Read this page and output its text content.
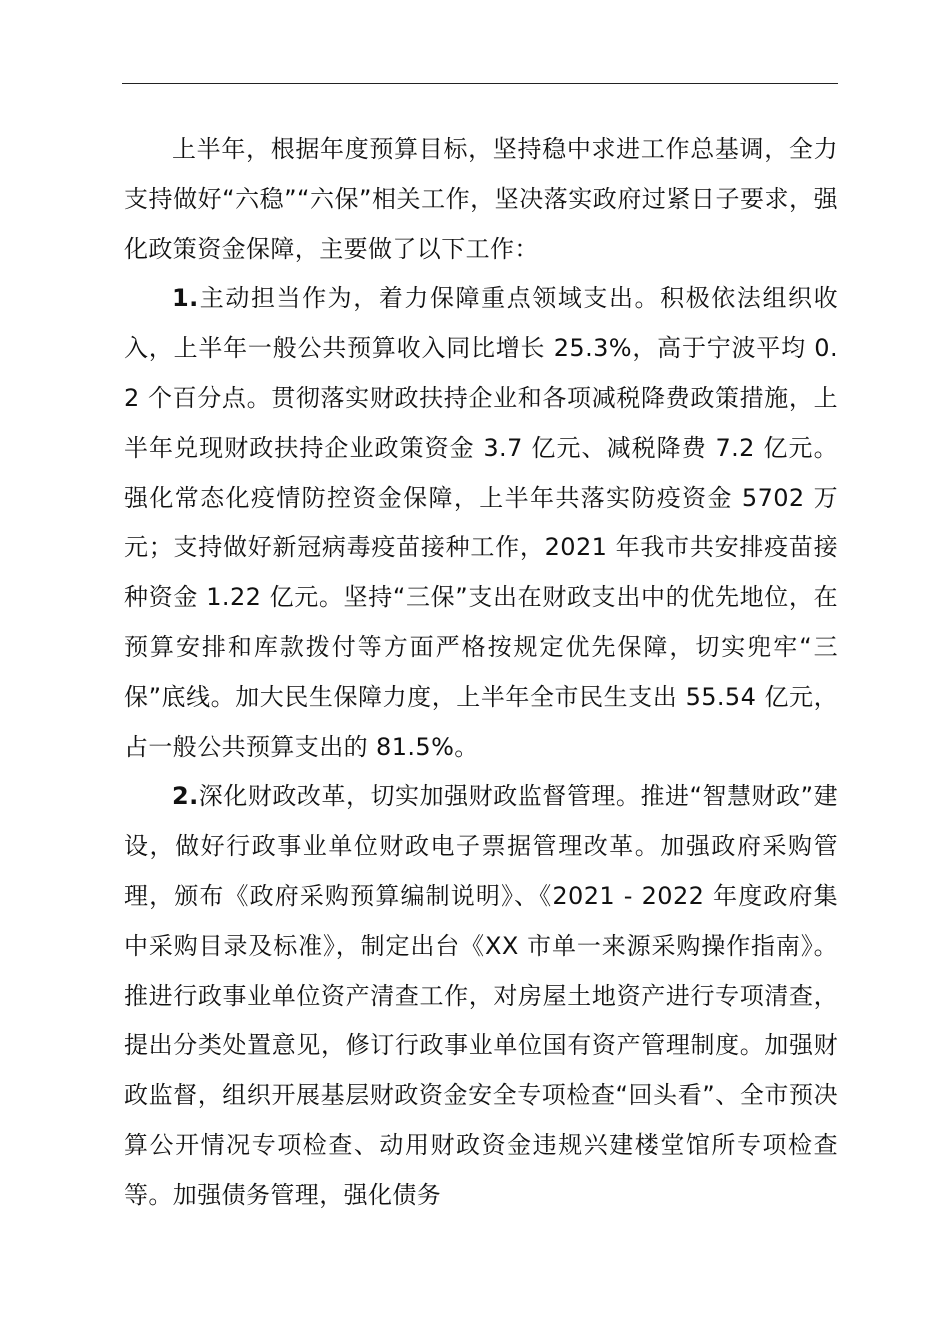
上半年，根据年度预算目标，坚持稳中求进工作总基调，全力支持做好“六稳”“六保”相关工作，坚决落实政府过紧日子要求，强化政策资金保障，主要做了以下工作：

1.主动担当作为，着力保障重点领域支出。积极依法组织收入，上半年一般公共预算收入同比增长 25.3%，高于宁波平均 0.2 个百分点。贯彻落实财政扶持企业和各项减税降费政策措施，上半年兑现财政扶持企业政策资金 3.7 亿元、减税降费 7.2 亿元。强化常态化疫情防控资金保障，上半年共落实防疫资金 5702 万元；支持做好新冠病毒疫苗接种工作，2021 年我市共安排疫苗接种资金 1.22 亿元。坚持“三保”支出在财政支出中的优先地位，在预算安排和库款拨付等方面严格按规定优先保障，切实兜牢“三保”底线。加大民生保障力度，上半年全市民生支出 55.54 亿元，占一般公共预算支出的 81.5%。

2.深化财政改革，切实加强财政监督管理。推进“智慧财政”建设，做好行政事业单位财政电子票据管理改革。加强政府采购管理，颁布《政府采购预算编制说明》、《2021 - 2022 年度政府集中采购目录及标准》，制定出台《XX 市单一来源采购操作指南》。推进行政事业单位资产清查工作，对房屋土地资产进行专项清查，提出分类处置意见，修订行政事业单位国有资产管理制度。加强财政监督，组织开展基层财政资金安全专项检查“回头看”、全市预决算公开情况专项检查、动用财政资金违规兴建楼堂馆所专项检查等。加强债务管理，强化债务
